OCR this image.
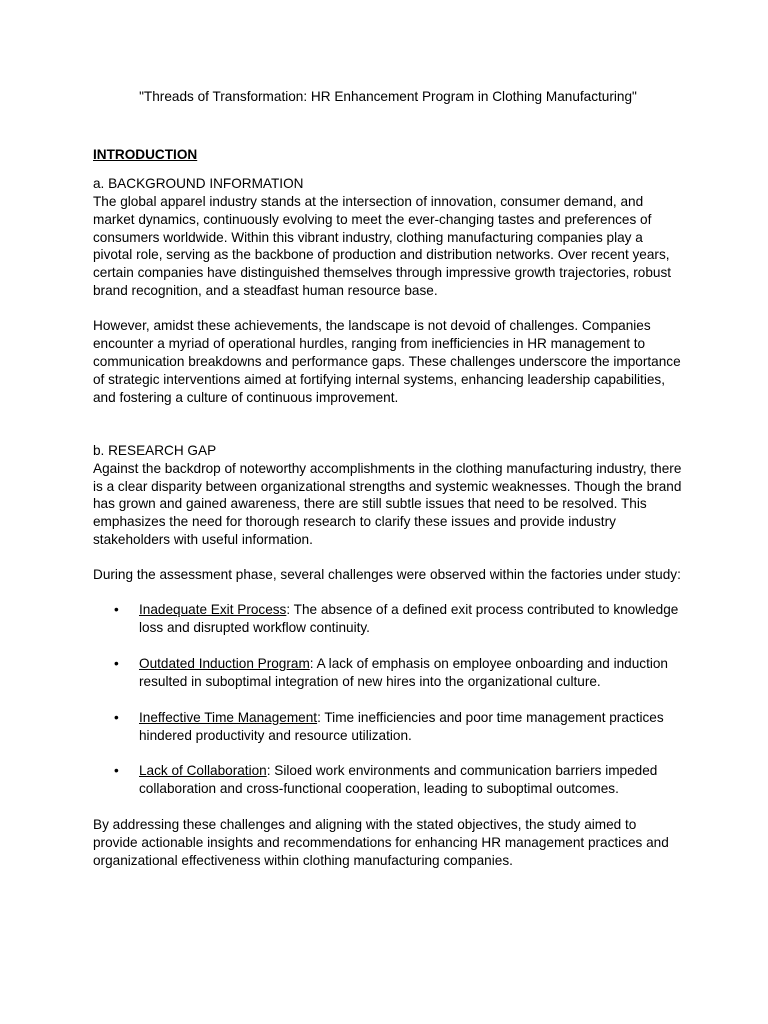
"Threads of Transformation: HR Enhancement Program in Clothing Manufacturing"

INTRODUCTION
a. BACKGROUND INFORMATION

The global apparel industry stands at the intersection of innovation, consumer demand, and market dynamics, continuously evolving to meet the ever-changing tastes and preferences of consumers worldwide. Within this vibrant industry, clothing manufacturing companies play a pivotal role, serving as the backbone of production and distribution networks. Over recent years, certain companies have distinguished themselves through impressive growth trajectories, robust brand recognition, and a steadfast human resource base.

However, amidst these achievements, the landscape is not devoid of challenges. Companies encounter a myriad of operational hurdles, ranging from inefficiencies in HR management to communication breakdowns and performance gaps. These challenges underscore the importance of strategic interventions aimed at fortifying internal systems, enhancing leadership capabilities, and fostering a culture of continuous improvement.

b. RESEARCH GAP

Against the backdrop of noteworthy accomplishments in the clothing manufacturing industry, there is a clear disparity between organizational strengths and systemic weaknesses. Though the brand has grown and gained awareness, there are still subtle issues that need to be resolved. This emphasizes the need for thorough research to clarify these issues and provide industry stakeholders with useful information.

During the assessment phase, several challenges were observed within the factories under study:

• Inadequate Exit Process: The absence of a defined exit process contributed to knowledge loss and disrupted workflow continuity.
• Outdated Induction Program: A lack of emphasis on employee onboarding and induction resulted in suboptimal integration of new hires into the organizational culture.
• Ineffective Time Management: Time inefficiencies and poor time management practices hindered productivity and resource utilization.
• Lack of Collaboration: Siloed work environments and communication barriers impeded collaboration and cross-functional cooperation, leading to suboptimal outcomes.

By addressing these challenges and aligning with the stated objectives, the study aimed to provide actionable insights and recommendations for enhancing HR management practices and organizational effectiveness within clothing manufacturing companies.
